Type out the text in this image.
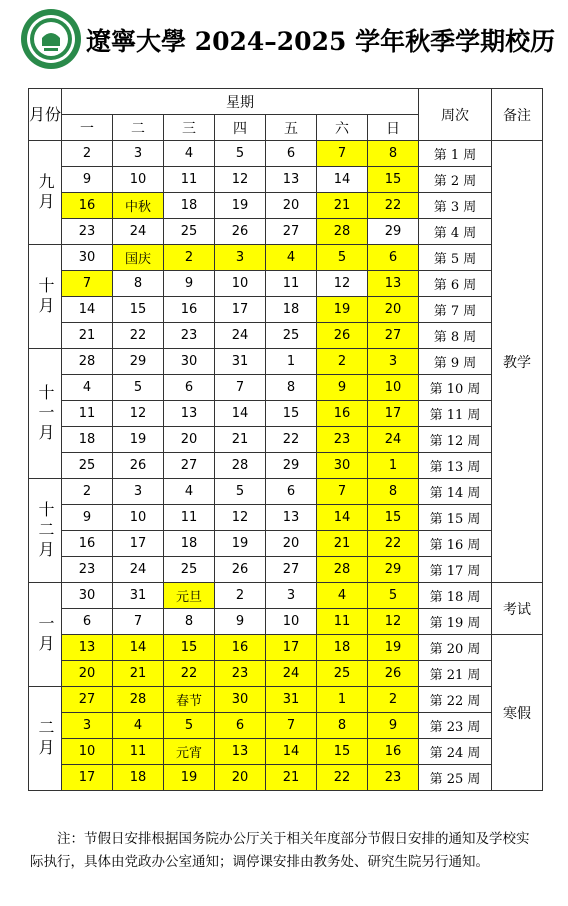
遼寧大學 2024–2025 学年秋季学期校历
月份	星期							周次	备注
	一	二	三	四	五	六	日		
九月	2	3	4	5	6	7	8	第 1 周	教学
	9	10	11	12	13	14	15	第 2 周	
	16	中秋	18	19	20	21	22	第 3 周	
	23	24	25	26	27	28	29	第 4 周	
十月	30	国庆	2	3	4	5	6	第 5 周	
	7	8	9	10	11	12	13	第 6 周	
	14	15	16	17	18	19	20	第 7 周	
	21	22	23	24	25	26	27	第 8 周	
十一月	28	29	30	31	1	2	3	第 9 周	
	4	5	6	7	8	9	10	第 10 周	
	11	12	13	14	15	16	17	第 11 周	
	18	19	20	21	22	23	24	第 12 周	
	25	26	27	28	29	30	1	第 13 周	
十二月	2	3	4	5	6	7	8	第 14 周	
	9	10	11	12	13	14	15	第 15 周	
	16	17	18	19	20	21	22	第 16 周	
	23	24	25	26	27	28	29	第 17 周	
一月	30	31	元旦	2	3	4	5	第 18 周	考试
	6	7	8	9	10	11	12	第 19 周	
	13	14	15	16	17	18	19	第 20 周	寒假
	20	21	22	23	24	25	26	第 21 周	
二月	27	28	春节	30	31	1	2	第 22 周	
	3	4	5	6	7	8	9	第 23 周	
	10	11	元宵	13	14	15	16	第 24 周	
	17	18	19	20	21	22	23	第 25 周	
注：节假日安排根据国务院办公厅关于相关年度部分节假日安排的通知及学校实际执行，具体由党政办公室通知；调停课安排由教务处、研究生院另行通知。
